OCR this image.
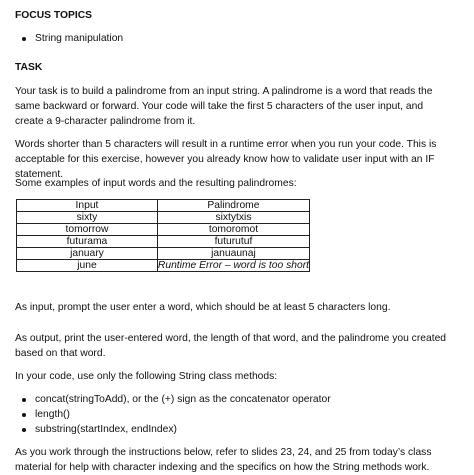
FOCUS TOPICS
String manipulation
TASK

Your task is to build a palindrome from an input string. A palindrome is a word that reads the same backward or forward. Your code will take the first 5 characters of the user input, and create a 9-character palindrome from it.

Words shorter than 5 characters will result in a runtime error when you run your code. This is acceptable for this exercise, however you already know how to validate user input with an IF statement.

Some examples of input words and the resulting palindromes:

Input	Palindrome
sixty	sixtytxis
tomorrow	tomoromot
futurama	futurutuf
january	januaunaj
june	Runtime Error – word is too short

As input, prompt the user enter a word, which should be at least 5 characters long.

As output, print the user-entered word, the length of that word, and the palindrome you created based on that word.

In your code, use only the following String class methods:

concat(stringToAdd), or the (+) sign as the concatenator operator
length()
substring(startIndex, endIndex)

As you work through the instructions below, refer to slides 23, 24, and 25 from today’s class material for help with character indexing and the specifics on how the String methods work.
